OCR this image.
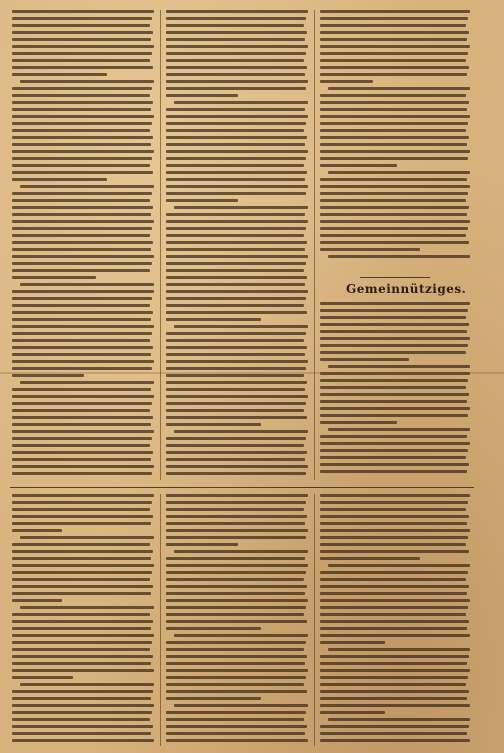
Gemeinnütziges.
